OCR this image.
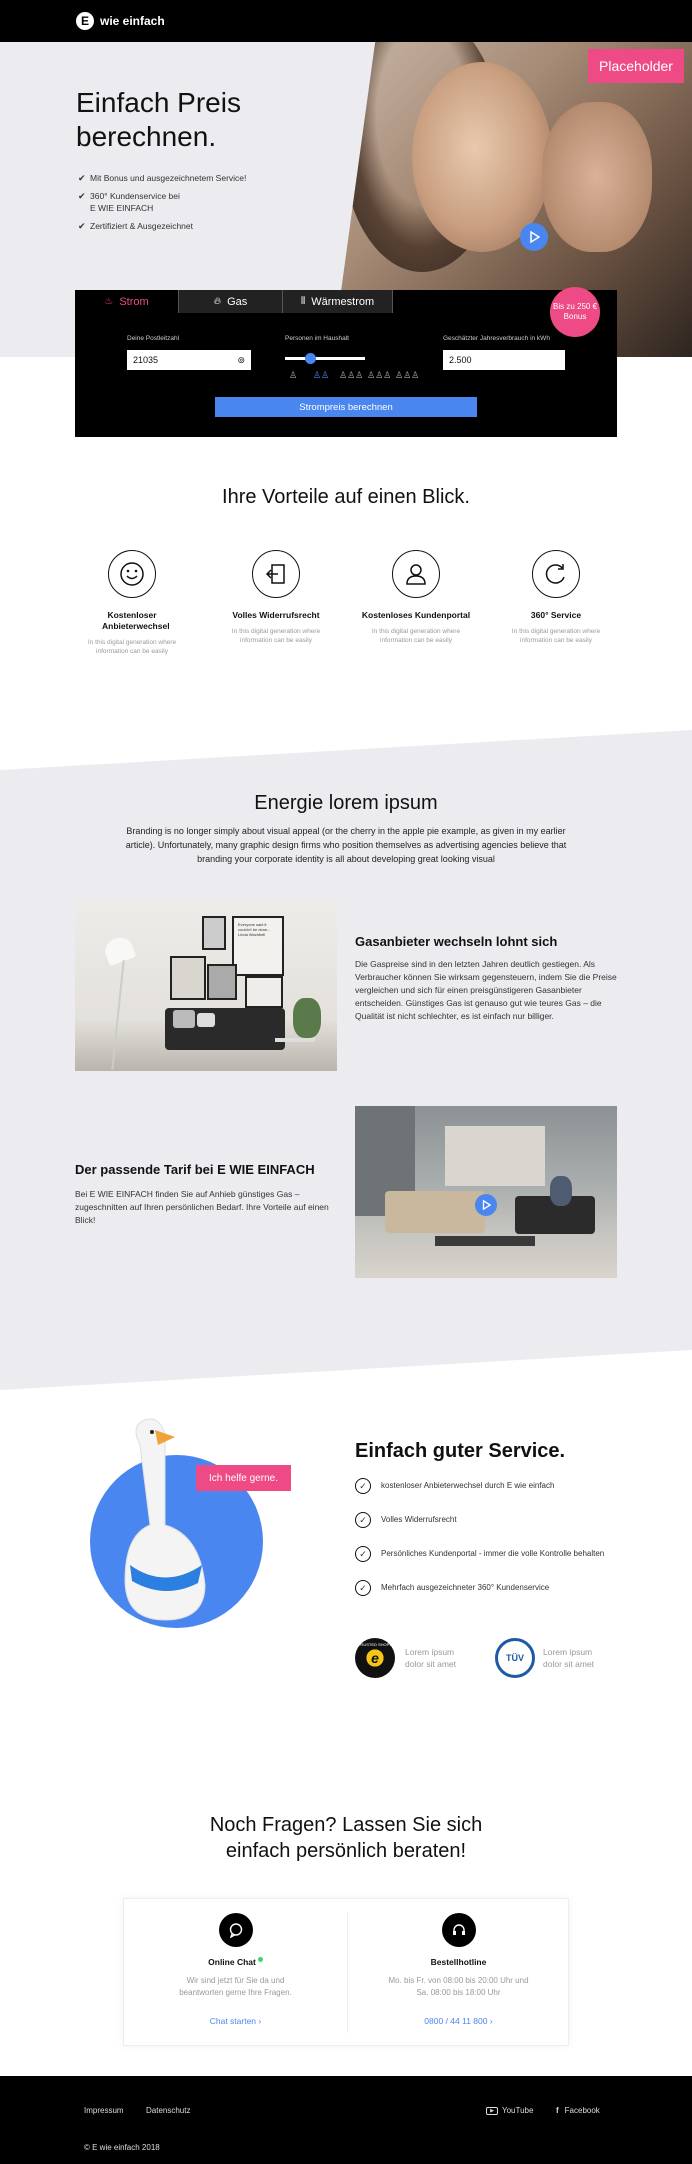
E wie einfach
Placeholder
Einfach Preis berechnen.
✔ Mit Bonus und ausgezeichnetem Service!
✔ 360° Kundenservice bei E WIE EINFACH
✔ Zertifiziert & Ausgezeichnet
♨ Strom	🔥︎ Gas	⦀ Wärmestrom	Bis zu 250 € Bonus
Deine Postleitzahl
21035	⊚
Personen im Haushalt
♙	♙♙ ♙♙♙ ♙♙♙ ♙♙♙
Geschätzter Jahresverbrauch in kWh
2.500
Strompreis berechnen
Ihre Vorteile auf einen Blick.
Kostenloser Anbieterwechsel
In this digital generation where information can be easily
Volles Widerrufsrecht
In this digital generation where information can be easily
Kostenloses Kundenportal
In this digital generation where information can be easily
360° Service
In this digital generation where information can be easily
Energie lorem ipsum

Branding is no longer simply about visual appeal (or the cherry in the apple pie example, as given in my earlier article). Unfortunately, many graphic design firms who position themselves as advertising agencies believe that branding your corporate identity is all about developing great looking visual

Everyone said it couldn't be done... Linda Wachbell	Gasanbieter wechseln lohnt sich

Die Gaspreise sind in den letzten Jahren deutlich gestiegen. Als Verbraucher können Sie wirksam gegensteuern, indem Sie die Preise vergleichen und sich für einen preisgünstigeren Gasanbieter entscheiden. Günstiges Gas ist genauso gut wie teures Gas – die Qualität ist nicht schlechter, es ist einfach nur billiger.

Der passende Tarif bei E WIE EINFACH

Bei E WIE EINFACH finden Sie auf Anhieb günstiges Gas – zugeschnitten auf Ihren persönlichen Bedarf. Ihre Vorteile auf einen Blick!

Ich helfe gerne.
Einfach guter Service.
✓	kostenloser Anbieterwechsel durch E wie einfach
✓	Volles Widerrufsrecht
✓	Persönliches Kundenportal - immer die volle Kontrolle behalten
✓	Mehrfach ausgezeichneter 360° Kundenservice
TRUSTED SHOPS
e	Lorem ipsum dolor sit amet
TÜV
Lorem ipsum dolor sit amet
Noch Fragen? Lassen Sie sich einfach persönlich beraten!
Online Chat
Wir sind jetzt für Sie da und beantworten gerne Ihre Fragen.
Chat starten ›
Bestellhotline
Mo. bis Fr. von 08:00 bis 20:00 Uhr und Sa. 08:00 bis 18:00 Uhr
0800 / 44 11 800 ›
Impressum	Datenschutz	▶ YouTube	f Facebook
© E wie einfach 2018
